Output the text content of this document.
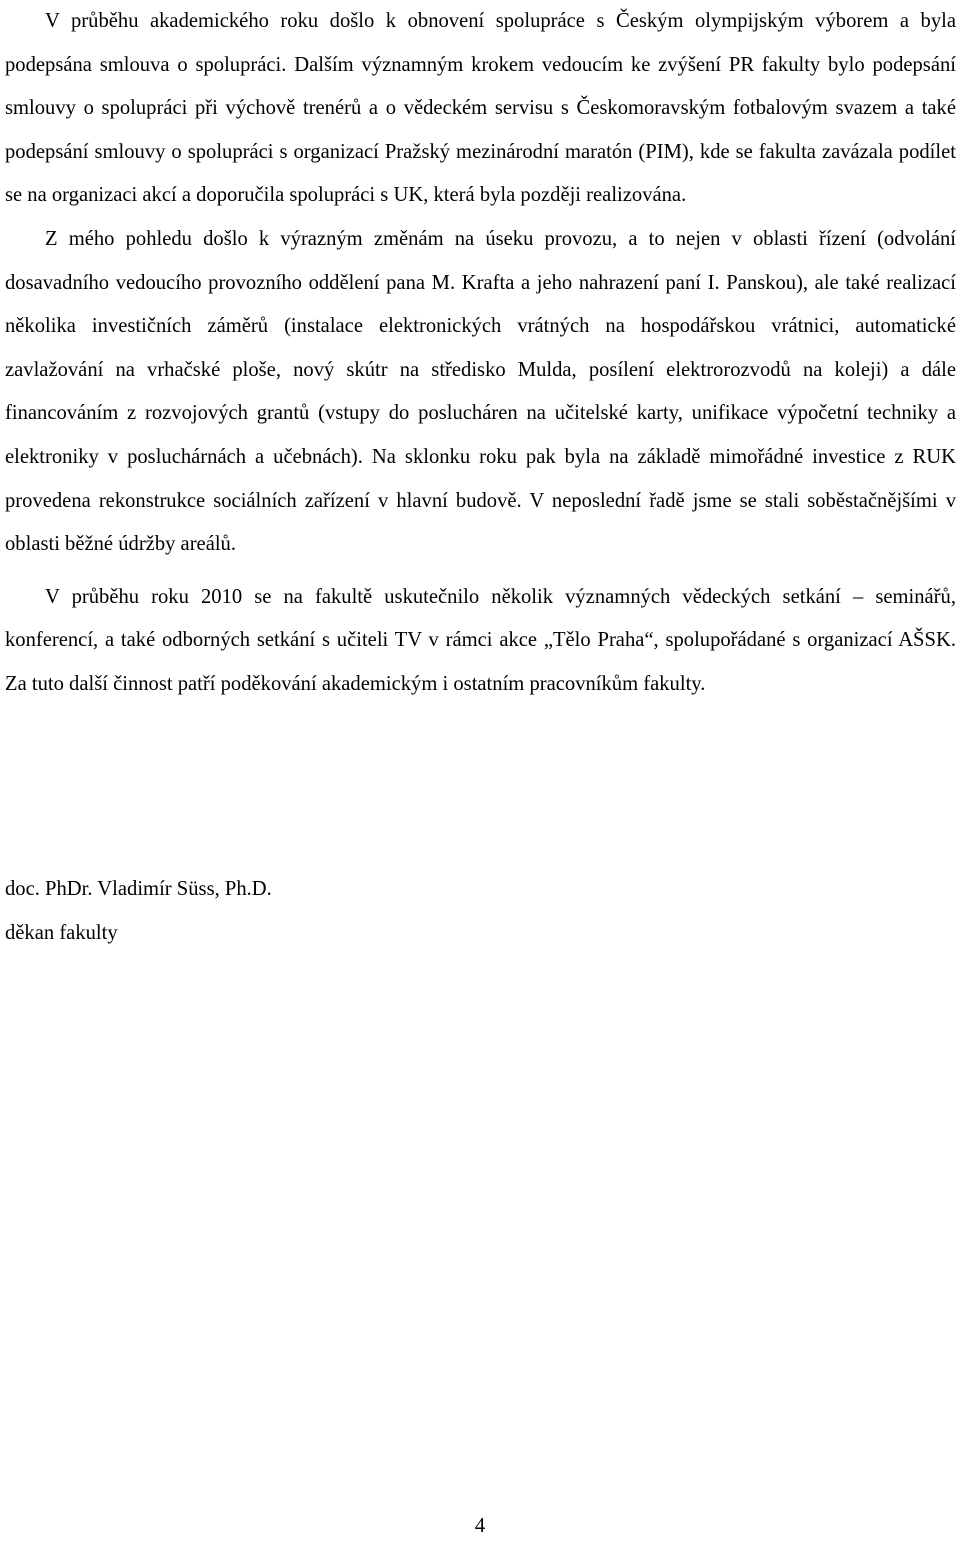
V průběhu akademického roku došlo k obnovení spolupráce s Českým olympijským výborem a byla podepsána smlouva o spolupráci. Dalším významným krokem vedoucím ke zvýšení PR fakulty bylo podepsání smlouvy o spolupráci při výchově trenérů a o vědeckém servisu s Českomoravským fotbalovým svazem a také podepsání smlouvy o spolupráci s organizací Pražský mezinárodní maratón (PIM), kde se fakulta zavázala podílet se na organizaci akcí a doporučila spolupráci s UK, která byla později realizována.

Z mého pohledu došlo k výrazným změnám na úseku provozu, a to nejen v oblasti řízení (odvolání dosavadního vedoucího provozního oddělení pana M. Krafta a jeho nahrazení paní I. Panskou), ale také realizací několika investičních záměrů (instalace elektronických vrátných na hospodářskou vrátnici, automatické zavlažování na vrhačské ploše, nový skútr na středisko Mulda, posílení elektrorozvodů na koleji) a dále financováním z rozvojových grantů (vstupy do poslucháren na učitelské karty, unifikace výpočetní techniky a elektroniky v posluchárnách a učebnách). Na sklonku roku pak byla na základě mimořádné investice z RUK provedena rekonstrukce sociálních zařízení v hlavní budově. V neposlední řadě jsme se stali soběstačnějšími v oblasti běžné údržby areálů.

V průběhu roku 2010 se na fakultě uskutečnilo několik významných vědeckých setkání – seminářů, konferencí, a také odborných setkání s učiteli TV v rámci akce „Tělo Praha“, spolupořádané s organizací AŠSK. Za tuto další činnost patří poděkování akademickým i ostatním pracovníkům fakulty.

doc. PhDr. Vladimír Süss, Ph.D.
děkan fakulty
4
